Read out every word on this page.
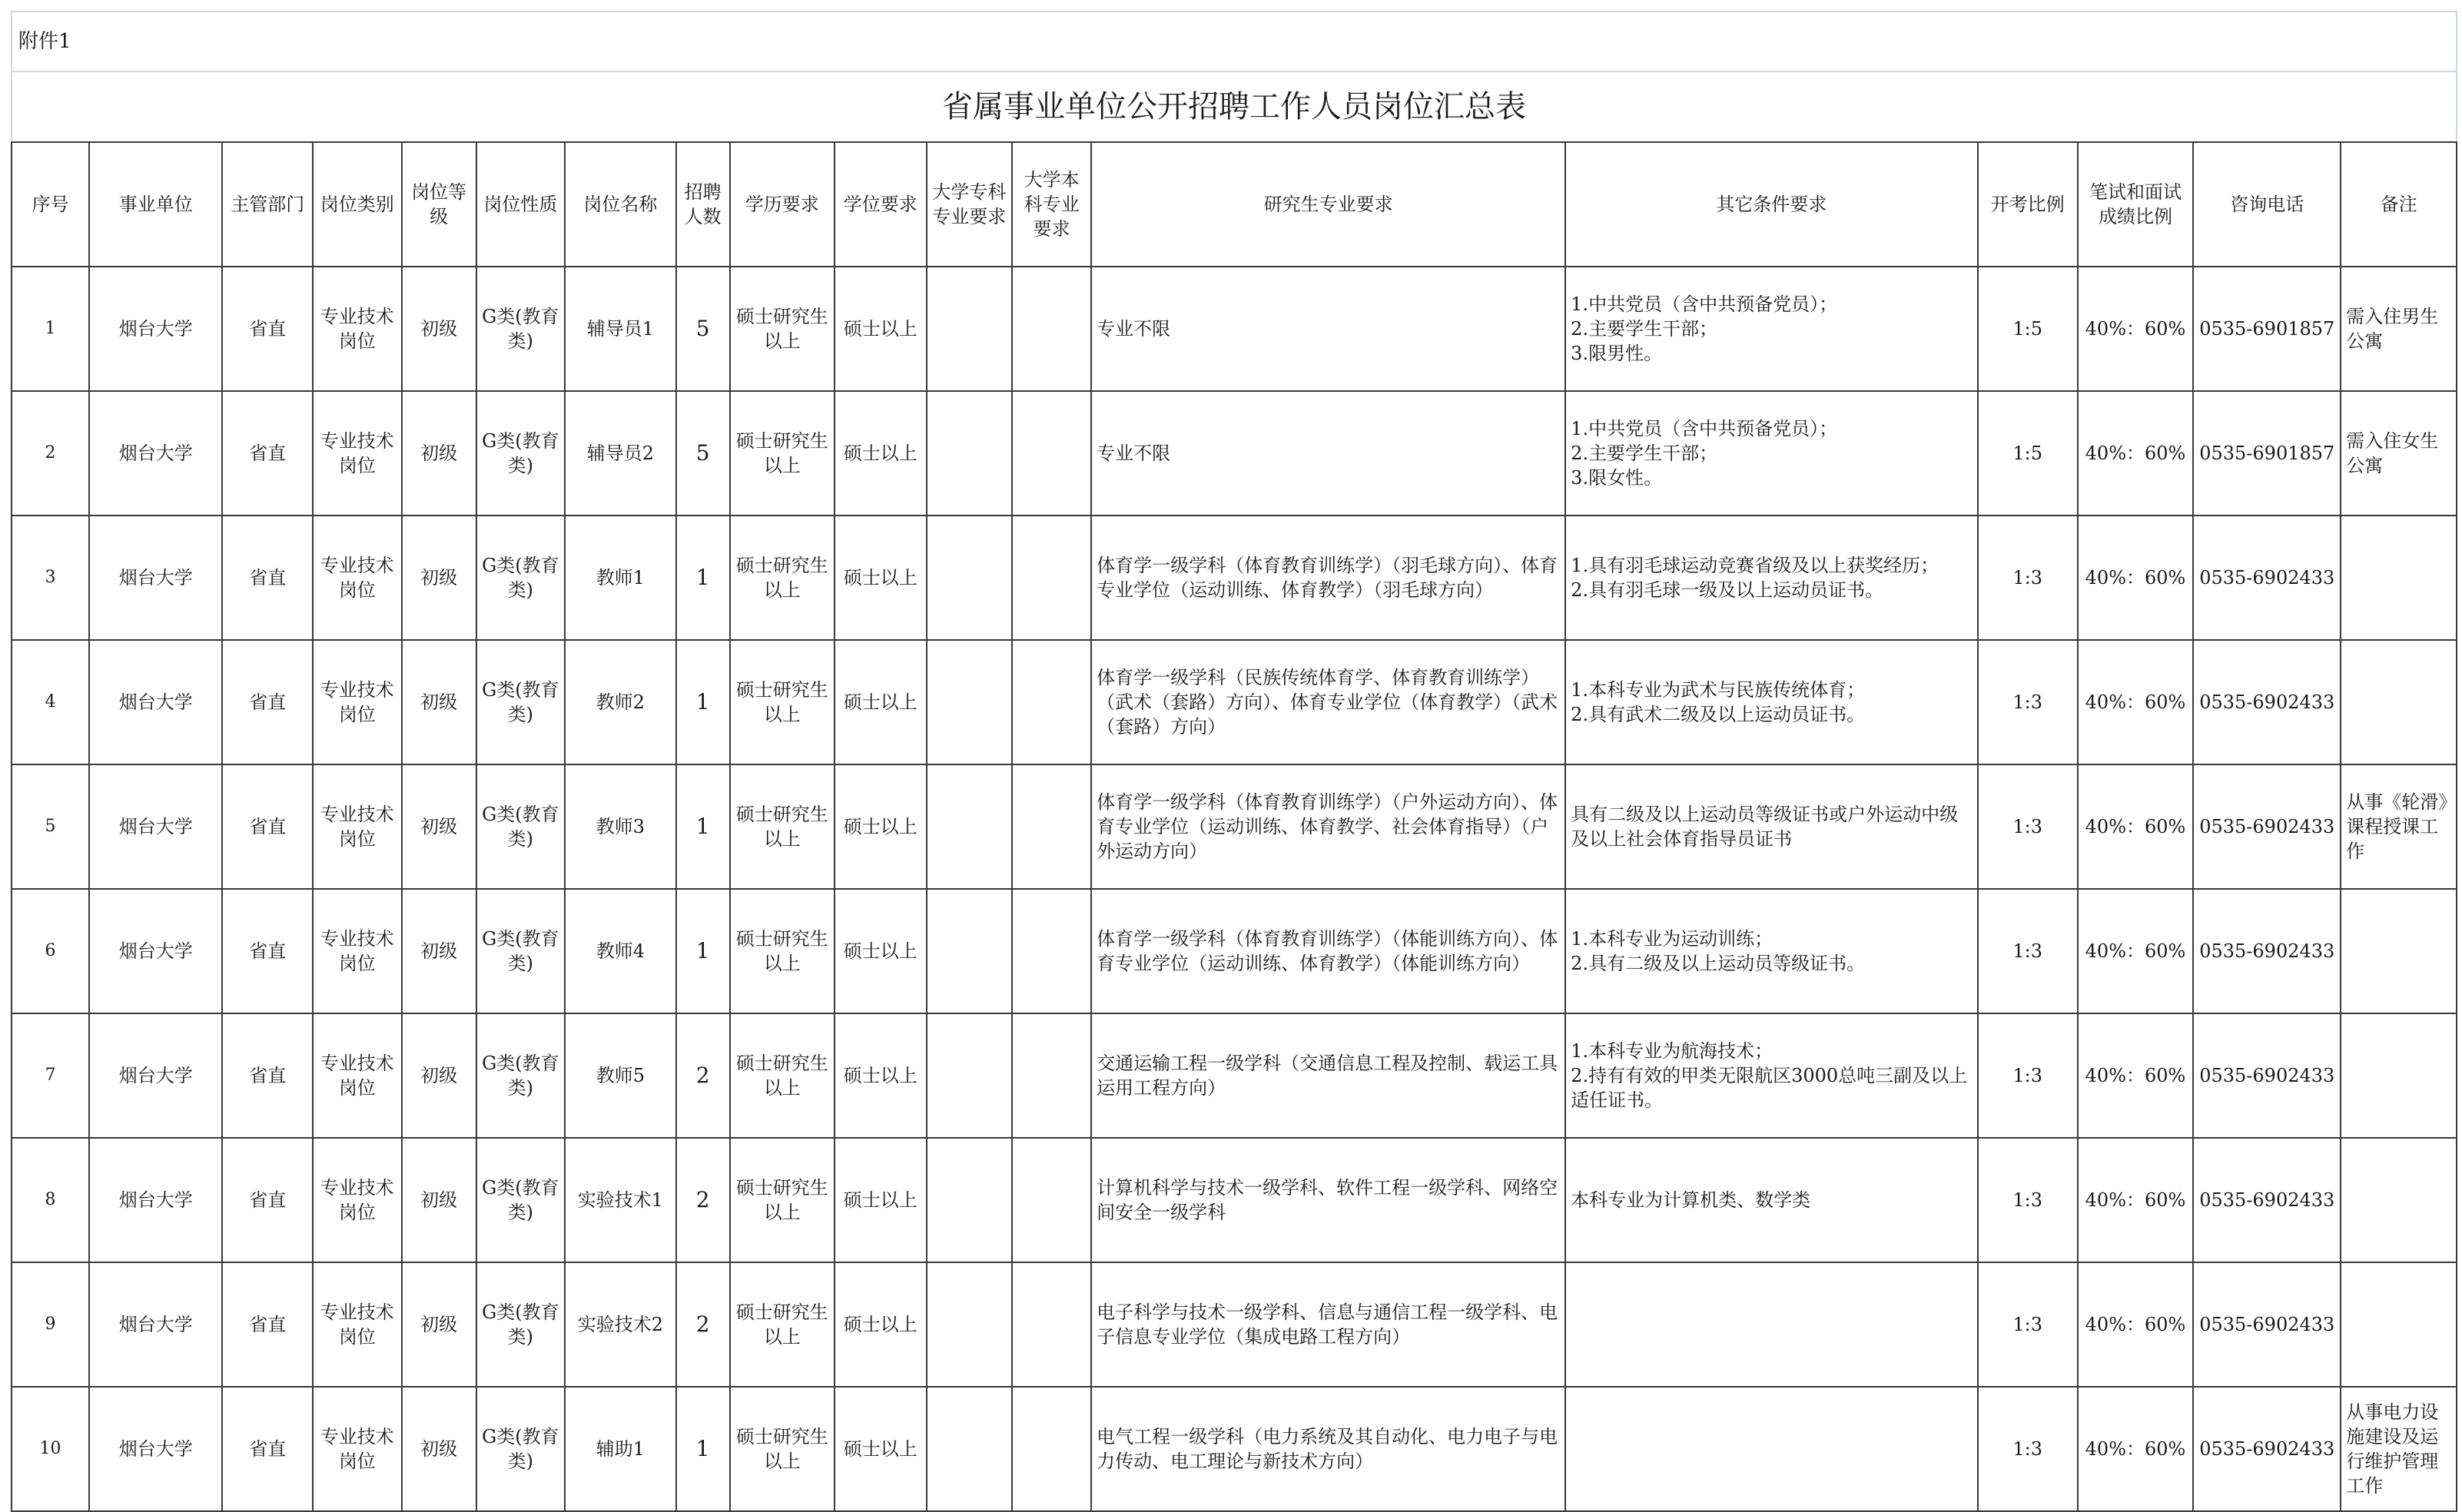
附件1
省属事业单位公开招聘工作人员岗位汇总表
序号	事业单位	主管部门	岗位类别	岗位等级	岗位性质	岗位名称	招聘人数	学历要求	学位要求	大学专科专业要求	大学本科专业要求	研究生专业要求	其它条件要求	开考比例	笔试和面试成绩比例	咨询电话	备注
1	烟台大学	省直	专业技术岗位	初级	G类(教育类)	辅导员1	5	硕士研究生以上	硕士以上			专业不限	1.中共党员（含中共预备党员）；
2.主要学生干部；
3.限男性。	1:5	40%：60%	0535-6901857	需入住男生公寓
2	烟台大学	省直	专业技术岗位	初级	G类(教育类)	辅导员2	5	硕士研究生以上	硕士以上			专业不限	1.中共党员（含中共预备党员）；
2.主要学生干部；
3.限女性。	1:5	40%：60%	0535-6901857	需入住女生公寓
3	烟台大学	省直	专业技术岗位	初级	G类(教育类)	教师1	1	硕士研究生以上	硕士以上			体育学一级学科（体育教育训练学）（羽毛球方向）、体育专业学位（运动训练、体育教学）（羽毛球方向）	1.具有羽毛球运动竞赛省级及以上获奖经历；
2.具有羽毛球一级及以上运动员证书。	1:3	40%：60%	0535-6902433	
4	烟台大学	省直	专业技术岗位	初级	G类(教育类)	教师2	1	硕士研究生以上	硕士以上			体育学一级学科（民族传统体育学、体育教育训练学）（武术（套路）方向）、体育专业学位（体育教学）（武术（套路）方向）	1.本科专业为武术与民族传统体育；
2.具有武术二级及以上运动员证书。	1:3	40%：60%	0535-6902433	
5	烟台大学	省直	专业技术岗位	初级	G类(教育类)	教师3	1	硕士研究生以上	硕士以上			体育学一级学科（体育教育训练学）（户外运动方向）、体育专业学位（运动训练、体育教学、社会体育指导）（户外运动方向）	具有二级及以上运动员等级证书或户外运动中级及以上社会体育指导员证书	1:3	40%：60%	0535-6902433	从事《轮滑》课程授课工作
6	烟台大学	省直	专业技术岗位	初级	G类(教育类)	教师4	1	硕士研究生以上	硕士以上			体育学一级学科（体育教育训练学）（体能训练方向）、体育专业学位（运动训练、体育教学）（体能训练方向）	1.本科专业为运动训练；
2.具有二级及以上运动员等级证书。	1:3	40%：60%	0535-6902433	
7	烟台大学	省直	专业技术岗位	初级	G类(教育类)	教师5	2	硕士研究生以上	硕士以上			交通运输工程一级学科（交通信息工程及控制、载运工具运用工程方向）	1.本科专业为航海技术；
2.持有有效的甲类无限航区3000总吨三副及以上适任证书。	1:3	40%：60%	0535-6902433	
8	烟台大学	省直	专业技术岗位	初级	G类(教育类)	实验技术1	2	硕士研究生以上	硕士以上			计算机科学与技术一级学科、软件工程一级学科、网络空间安全一级学科	本科专业为计算机类、数学类	1:3	40%：60%	0535-6902433	
9	烟台大学	省直	专业技术岗位	初级	G类(教育类)	实验技术2	2	硕士研究生以上	硕士以上			电子科学与技术一级学科、信息与通信工程一级学科、电子信息专业学位（集成电路工程方向）		1:3	40%：60%	0535-6902433	
10	烟台大学	省直	专业技术岗位	初级	G类(教育类)	辅助1	1	硕士研究生以上	硕士以上			电气工程一级学科（电力系统及其自动化、电力电子与电力传动、电工理论与新技术方向）		1:3	40%：60%	0535-6902433	从事电力设施建设及运行维护管理工作
